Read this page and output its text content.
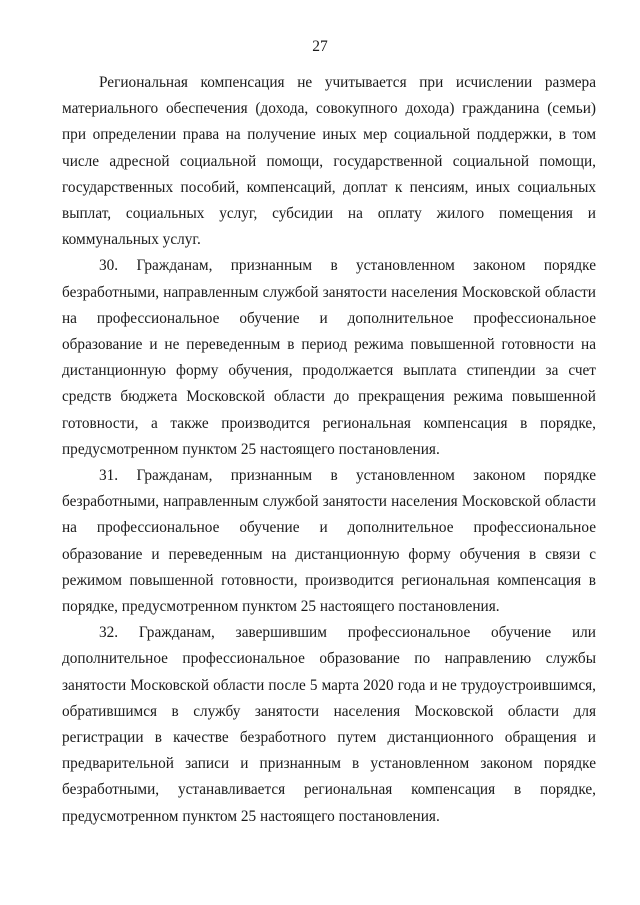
27

Региональная компенсация не учитывается при исчислении размера материального обеспечения (дохода, совокупного дохода) гражданина (семьи) при определении права на получение иных мер социальной поддержки, в том числе адресной социальной помощи, государственной социальной помощи, государственных пособий, компенсаций, доплат к пенсиям, иных социальных выплат, социальных услуг, субсидии на оплату жилого помещения и коммунальных услуг.

30. Гражданам, признанным в установленном законом порядке безработными, направленным службой занятости населения Московской области на профессиональное обучение и дополнительное профессиональное образование и не переведенным в период режима повышенной готовности на дистанционную форму обучения, продолжается выплата стипендии за счет средств бюджета Московской области до прекращения режима повышенной готовности, а также производится региональная компенсация в порядке, предусмотренном пунктом 25 настоящего постановления.

31. Гражданам, признанным в установленном законом порядке безработными, направленным службой занятости населения Московской области на профессиональное обучение и дополнительное профессиональное образование и переведенным на дистанционную форму обучения в связи с режимом повышенной готовности, производится региональная компенсация в порядке, предусмотренном пунктом 25 настоящего постановления.

32. Гражданам, завершившим профессиональное обучение или дополнительное профессиональное образование по направлению службы занятости Московской области после 5 марта 2020 года и не трудоустроившимся, обратившимся в службу занятости населения Московской области для регистрации в качестве безработного путем дистанционного обращения и предварительной записи и признанным в установленном законом порядке безработными, устанавливается региональная компенсация в порядке, предусмотренном пунктом 25 настоящего постановления.
